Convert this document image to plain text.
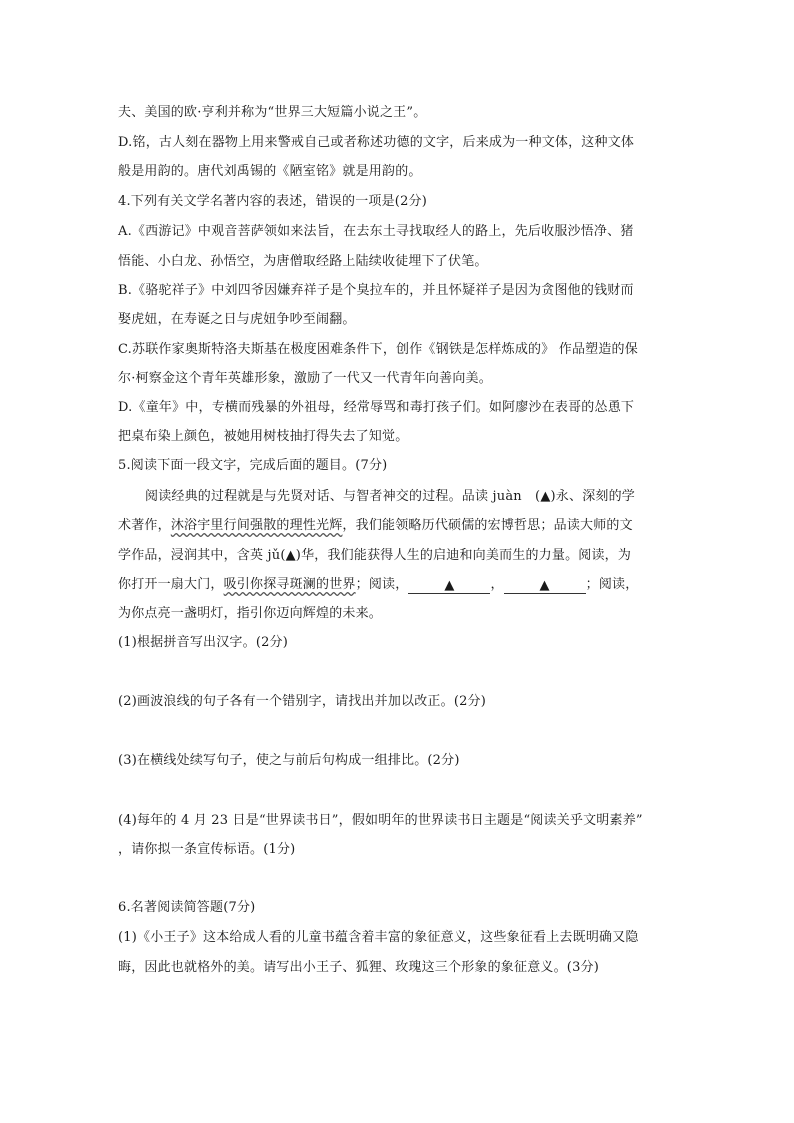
夫、美国的欧·亨利并称为“世界三大短篇小说之王”。
D.铭，古人刻在器物上用来警戒自己或者称述功德的文字，后来成为一种文体，这种文体
般是用韵的。唐代刘禹锡的《陋室铭》就是用韵的。
4.下列有关文学名著内容的表述，错误的一项是(2分)
A.《西游记》中观音菩萨领如来法旨，在去东土寻找取经人的路上，先后收服沙悟净、猪
悟能、小白龙、孙悟空，为唐僧取经路上陆续收徒埋下了伏笔。
B.《骆驼祥子》中刘四爷因嫌弃祥子是个臭拉车的，并且怀疑祥子是因为贪图他的钱财而
娶虎妞，在寿诞之日与虎妞争吵至闹翻。
C.苏联作家奥斯特洛夫斯基在极度困难条件下，创作《钢铁是怎样炼成的》 作品塑造的保
尔·柯察金这个青年英雄形象，激励了一代又一代青年向善向美。
D.《童年》中，专横而残暴的外祖母，经常辱骂和毒打孩子们。如阿廖沙在表哥的怂恿下
把桌布染上颜色，被她用树枝抽打得失去了知觉。
5.阅读下面一段文字，完成后面的题目。(7分)
阅读经典的过程就是与先贤对话、与智者神交的过程。品读 juàn　(▲)永、深刻的学
术著作，沐浴宇里行间强散的理性光辉，我们能领略历代硕儒的宏博哲思；品读大师的文
学作品，浸润其中，含英 jǔ(▲)华，我们能获得人生的启迪和向美而生的力量。阅读，为
你打开一扇大门，吸引你探寻斑澜的世界；阅读，	▲	，	▲	；阅读，
为你点亮一盏明灯，指引你迈向辉煌的未来。
(1)根据拼音写出汉字。(2分)
(2)画波浪线的句子各有一个错别字，请找出并加以改正。(2分)
(3)在横线处续写句子，使之与前后句构成一组排比。(2分)
(4)每年的 4 月 23 日是“世界读书日”，假如明年的世界读书日主题是“阅读关乎文明素养”
，请你拟一条宣传标语。(1分)
6.名著阅读简答题(7分)
(1)《小王子》这本给成人看的儿童书蕴含着丰富的象征意义，这些象征看上去既明确又隐
晦，因此也就格外的美。请写出小王子、狐狸、玫瑰这三个形象的象征意义。(3分)
